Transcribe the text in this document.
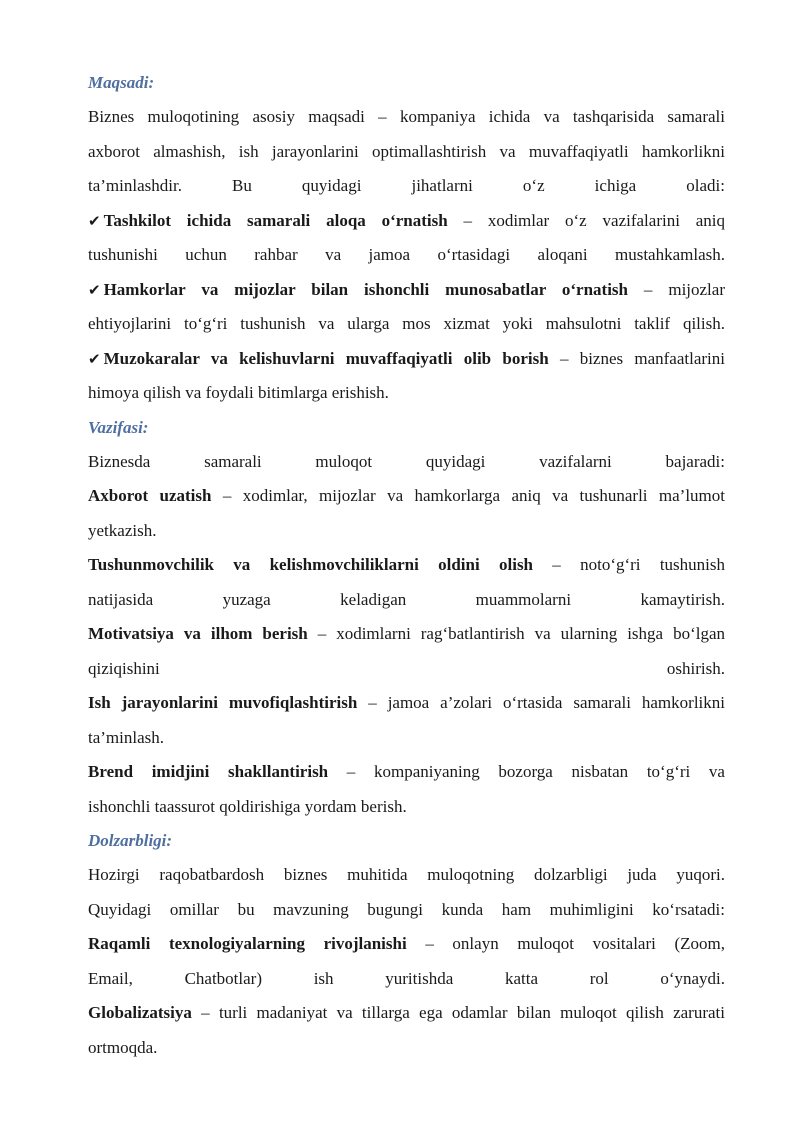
Maqsadi:

Biznes muloqotining asosiy maqsadi – kompaniya ichida va tashqarisida samarali

axborot almashish, ish jarayonlarini optimallashtirish va muvaffaqiyatli hamkorlikni

ta’minlashdir. Bu quyidagi jihatlarni o‘z ichiga oladi:

✔ Tashkilot ichida samarali aloqa o‘rnatish – xodimlar o‘z vazifalarini aniq

tushunishi uchun rahbar va jamoa o‘rtasidagi aloqani mustahkamlash.

✔ Hamkorlar va mijozlar bilan ishonchli munosabatlar o‘rnatish – mijozlar

ehtiyojlarini to‘g‘ri tushunish va ularga mos xizmat yoki mahsulotni taklif qilish.

✔ Muzokaralar va kelishuvlarni muvaffaqiyatli olib borish – biznes manfaatlarini

himoya qilish va foydali bitimlarga erishish.

Vazifasi:

Biznesda samarali muloqot quyidagi vazifalarni bajaradi:

Axborot uzatish – xodimlar, mijozlar va hamkorlarga aniq va tushunarli ma’lumot

yetkazish.

Tushunmovchilik va kelishmovchiliklarni oldini olish – noto‘g‘ri tushunish

natijasida yuzaga keladigan muammolarni kamaytirish.

Motivatsiya va ilhom berish – xodimlarni rag‘batlantirish va ularning ishga bo‘lgan

qiziqishini oshirish.

Ish jarayonlarini muvofiqlashtirish – jamoa a’zolari o‘rtasida samarali hamkorlikni

ta’minlash.

Brend imidjini shakllantirish – kompaniyaning bozorga nisbatan to‘g‘ri va

ishonchli taassurot qoldirishiga yordam berish.

Dolzarbligi:

Hozirgi raqobatbardosh biznes muhitida muloqotning dolzarbligi juda yuqori.

Quyidagi omillar bu mavzuning bugungi kunda ham muhimligini ko‘rsatadi:

Raqamli texnologiyalarning rivojlanishi – onlayn muloqot vositalari (Zoom,

Email, Chatbotlar) ish yuritishda katta rol o‘ynaydi.

Globalizatsiya – turli madaniyat va tillarga ega odamlar bilan muloqot qilish zarurati

ortmoqda.
